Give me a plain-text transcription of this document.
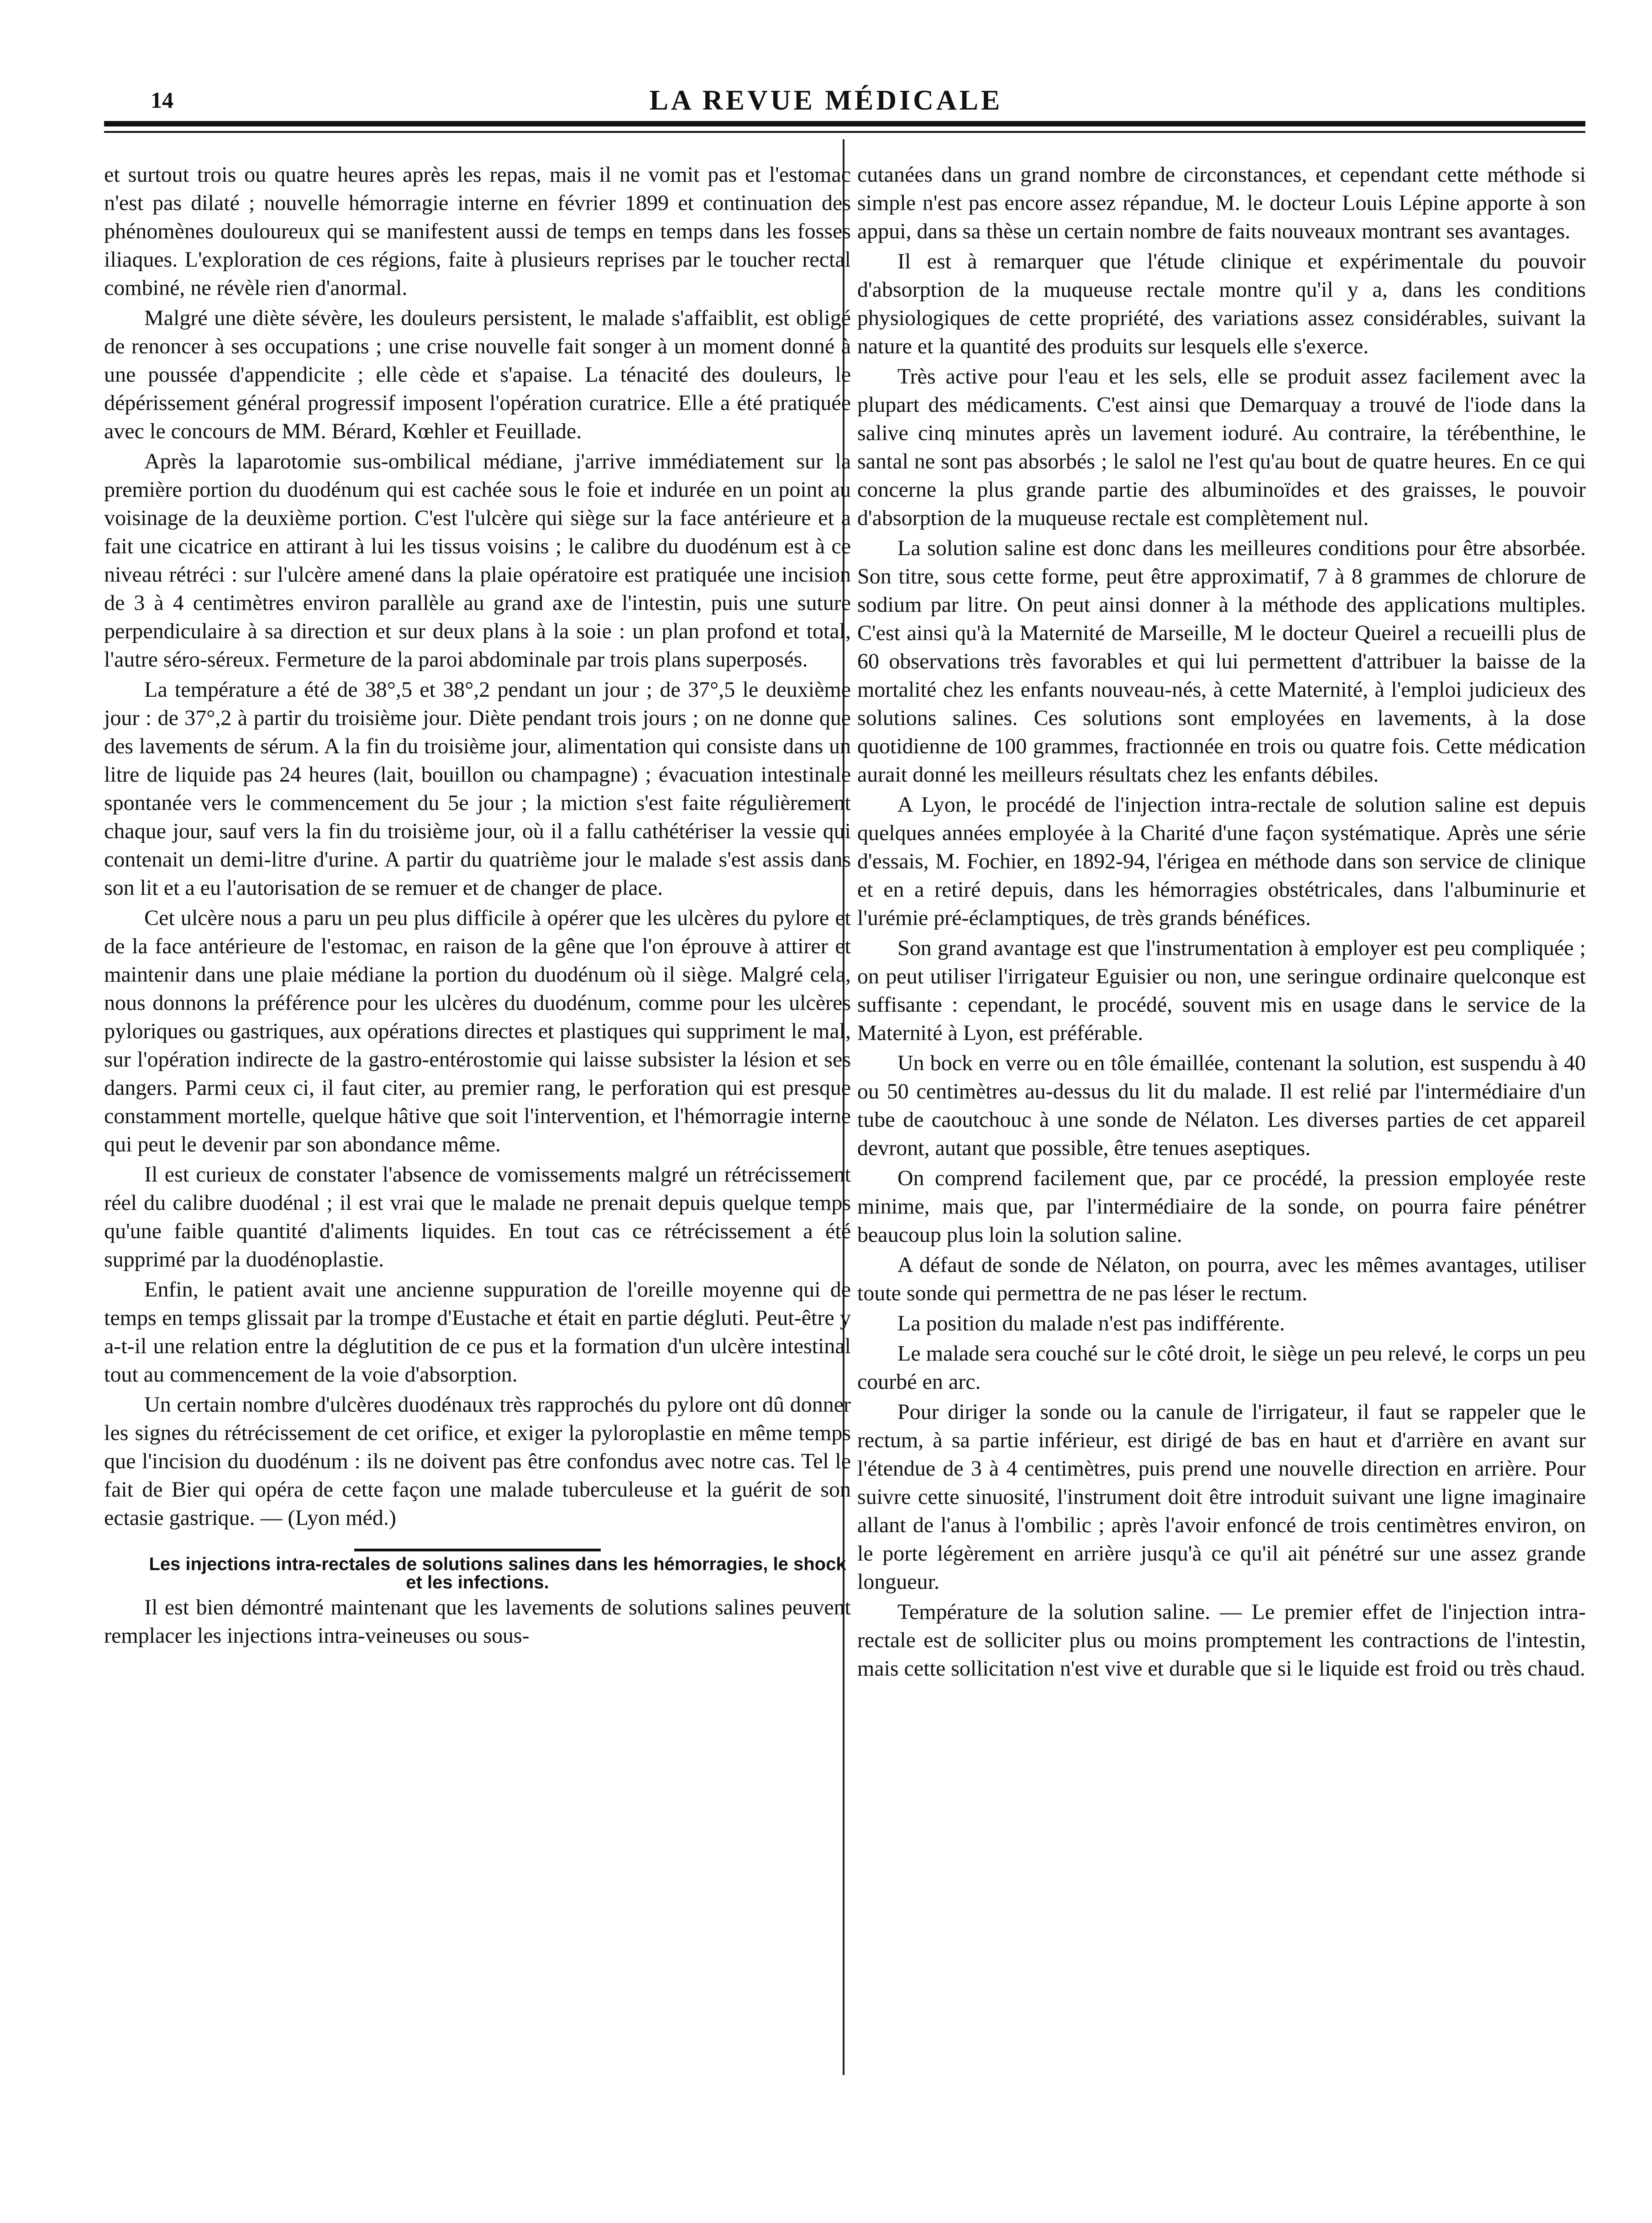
14	LA REVUE MÉDICALE

et surtout trois ou quatre heures après les repas, mais il ne vomit pas et l'estomac n'est pas dilaté ; nouvelle hémorragie interne en février 1899 et continuation des phénomènes douloureux qui se manifestent aussi de temps en temps dans les fosses iliaques. L'exploration de ces régions, faite à plusieurs reprises par le toucher rectal combiné, ne révèle rien d'anormal.

Malgré une diète sévère, les douleurs persistent, le malade s'affaiblit, est obligé de renoncer à ses occupations ; une crise nouvelle fait songer à un moment donné à une poussée d'appendicite ; elle cède et s'apaise. La ténacité des douleurs, le dépérissement général progressif imposent l'opération curatrice. Elle a été pratiquée avec le concours de MM. Bérard, Kœhler et Feuillade.

Après la laparotomie sus-ombilical médiane, j'arrive immédiatement sur la première portion du duodénum qui est cachée sous le foie et indurée en un point au voisinage de la deuxième portion. C'est l'ulcère qui siège sur la face antérieure et a fait une cicatrice en attirant à lui les tissus voisins ; le calibre du duodénum est à ce niveau rétréci : sur l'ulcère amené dans la plaie opératoire est pratiquée une incision de 3 à 4 centimètres environ parallèle au grand axe de l'intestin, puis une suture perpendiculaire à sa direction et sur deux plans à la soie : un plan profond et total, l'autre séro-séreux. Fermeture de la paroi abdominale par trois plans superposés.

La température a été de 38°,5 et 38°,2 pendant un jour ; de 37°,5 le deuxième jour : de 37°,2 à partir du troisième jour. Diète pendant trois jours ; on ne donne que des lavements de sérum. A la fin du troisième jour, alimentation qui consiste dans un litre de liquide pas 24 heures (lait, bouillon ou champagne) ; évacuation intestinale spontanée vers le commencement du 5e jour ; la miction s'est faite régulièrement chaque jour, sauf vers la fin du troisième jour, où il a fallu cathétériser la vessie qui contenait un demi-litre d'urine. A partir du quatrième jour le malade s'est assis dans son lit et a eu l'autorisation de se remuer et de changer de place.

Cet ulcère nous a paru un peu plus difficile à opérer que les ulcères du pylore et de la face antérieure de l'estomac, en raison de la gêne que l'on éprouve à attirer et maintenir dans une plaie médiane la portion du duodénum où il siège. Malgré cela, nous donnons la préférence pour les ulcères du duodénum, comme pour les ulcères pyloriques ou gastriques, aux opérations directes et plastiques qui suppriment le mal, sur l'opération indirecte de la gastro-entérostomie qui laisse subsister la lésion et ses dangers. Parmi ceux ci, il faut citer, au premier rang, le perforation qui est presque constamment mortelle, quelque hâtive que soit l'intervention, et l'hémorragie interne qui peut le devenir par son abondance même.

Il est curieux de constater l'absence de vomissements malgré un rétrécissement réel du calibre duodénal ; il est vrai que le malade ne prenait depuis quelque temps qu'une faible quantité d'aliments liquides. En tout cas ce rétrécissement a été supprimé par la duodénoplastie.

Enfin, le patient avait une ancienne suppuration de l'oreille moyenne qui de temps en temps glissait par la trompe d'Eustache et était en partie dégluti. Peut-être y a-t-il une relation entre la déglutition de ce pus et la formation d'un ulcère intestinal tout au commencement de la voie d'absorption.

Un certain nombre d'ulcères duodénaux très rapprochés du pylore ont dû donner les signes du rétrécissement de cet orifice, et exiger la pyloroplastie en même temps que l'incision du duodénum : ils ne doivent pas être confondus avec notre cas. Tel le fait de Bier qui opéra de cette façon une malade tuberculeuse et la guérit de son ectasie gastrique. — (Lyon méd.)

Les injections intra-rectales de solutions salines dans les hémorragies, le shock et les infections.

Il est bien démontré maintenant que les lavements de solutions salines peuvent remplacer les injections intra-veineuses ou sous-

cutanées dans un grand nombre de circonstances, et cependant cette méthode si simple n'est pas encore assez répandue, M. le docteur Louis Lépine apporte à son appui, dans sa thèse un certain nombre de faits nouveaux montrant ses avantages.

Il est à remarquer que l'étude clinique et expérimentale du pouvoir d'absorption de la muqueuse rectale montre qu'il y a, dans les conditions physiologiques de cette propriété, des variations assez considérables, suivant la nature et la quantité des produits sur lesquels elle s'exerce.

Très active pour l'eau et les sels, elle se produit assez facilement avec la plupart des médicaments. C'est ainsi que Demarquay a trouvé de l'iode dans la salive cinq minutes après un lavement ioduré. Au contraire, la térébenthine, le santal ne sont pas absorbés ; le salol ne l'est qu'au bout de quatre heures. En ce qui concerne la plus grande partie des albuminoïdes et des graisses, le pouvoir d'absorption de la muqueuse rectale est complètement nul.

La solution saline est donc dans les meilleures conditions pour être absorbée. Son titre, sous cette forme, peut être approximatif, 7 à 8 grammes de chlorure de sodium par litre. On peut ainsi donner à la méthode des applications multiples. C'est ainsi qu'à la Maternité de Marseille, M le docteur Queirel a recueilli plus de 60 observations très favorables et qui lui permettent d'attribuer la baisse de la mortalité chez les enfants nouveau-nés, à cette Maternité, à l'emploi judicieux des solutions salines. Ces solutions sont employées en lavements, à la dose quotidienne de 100 grammes, fractionnée en trois ou quatre fois. Cette médication aurait donné les meilleurs résultats chez les enfants débiles.

A Lyon, le procédé de l'injection intra-rectale de solution saline est depuis quelques années employée à la Charité d'une façon systématique. Après une série d'essais, M. Fochier, en 1892-94, l'érigea en méthode dans son service de clinique et en a retiré depuis, dans les hémorragies obstétricales, dans l'albuminurie et l'urémie pré-éclamptiques, de très grands bénéfices.

Son grand avantage est que l'instrumentation à employer est peu compliquée ; on peut utiliser l'irrigateur Eguisier ou non, une seringue ordinaire quelconque est suffisante : cependant, le procédé, souvent mis en usage dans le service de la Maternité à Lyon, est préférable.

Un bock en verre ou en tôle émaillée, contenant la solution, est suspendu à 40 ou 50 centimètres au-dessus du lit du malade. Il est relié par l'intermédiaire d'un tube de caoutchouc à une sonde de Nélaton. Les diverses parties de cet appareil devront, autant que possible, être tenues aseptiques.

On comprend facilement que, par ce procédé, la pression employée reste minime, mais que, par l'intermédiaire de la sonde, on pourra faire pénétrer beaucoup plus loin la solution saline.

A défaut de sonde de Nélaton, on pourra, avec les mêmes avantages, utiliser toute sonde qui permettra de ne pas léser le rectum.

La position du malade n'est pas indifférente.

Le malade sera couché sur le côté droit, le siège un peu relevé, le corps un peu courbé en arc.

Pour diriger la sonde ou la canule de l'irrigateur, il faut se rappeler que le rectum, à sa partie inférieur, est dirigé de bas en haut et d'arrière en avant sur l'étendue de 3 à 4 centimètres, puis prend une nouvelle direction en arrière. Pour suivre cette sinuosité, l'instrument doit être introduit suivant une ligne imaginaire allant de l'anus à l'ombilic ; après l'avoir enfoncé de trois centimètres environ, on le porte légèrement en arrière jusqu'à ce qu'il ait pénétré sur une assez grande longueur.

Température de la solution saline. — Le premier effet de l'injection intra-rectale est de solliciter plus ou moins promptement les contractions de l'intestin, mais cette sollicitation n'est vive et durable que si le liquide est froid ou très chaud.
